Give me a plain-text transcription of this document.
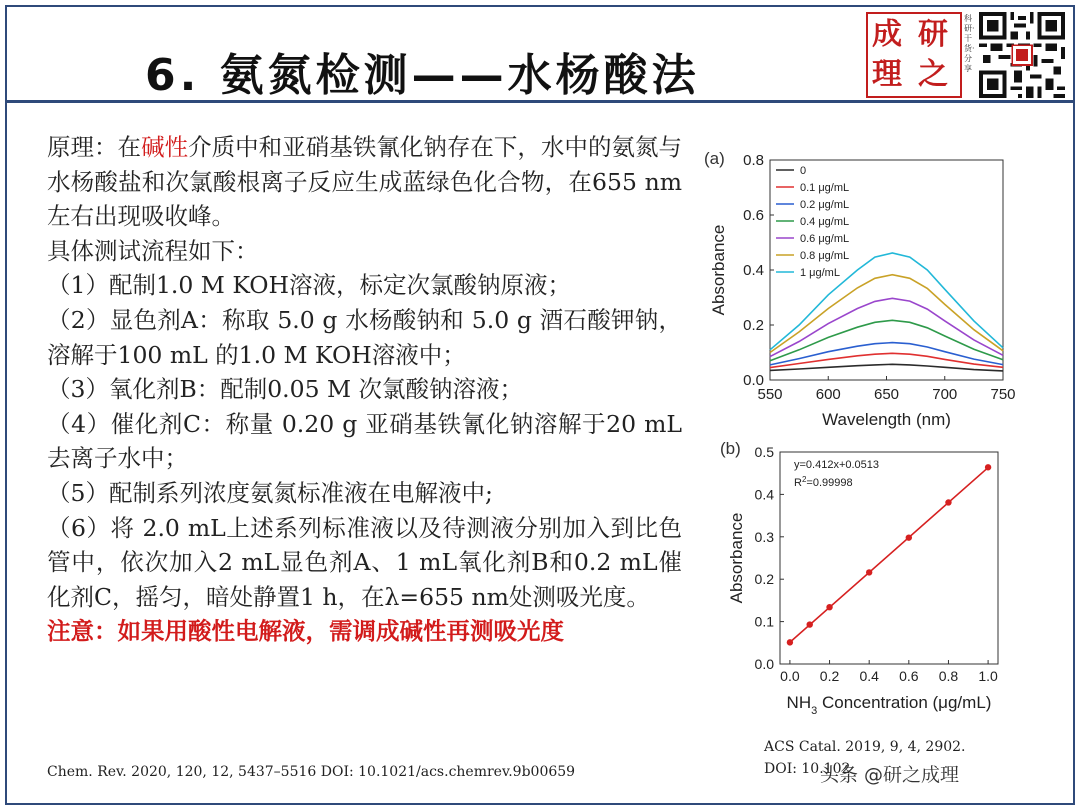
6. 氨氮检测——水杨酸法
成 研
理 之
科研·干货·分享

原理：在碱性介质中和亚硝基铁氰化钠存在下，水中的氨氮与水杨酸盐和次氯酸根离子反应生成蓝绿色化合物，在655 nm左右出现吸收峰。

具体测试流程如下：

（1）配制1.0 M KOH溶液，标定次氯酸钠原液；

（2）显色剂A：称取 5.0 g 水杨酸钠和 5.0 g 酒石酸钾钠，溶解于100 mL 的1.0 M KOH溶液中；

（3）氧化剂B：配制0.05 M 次氯酸钠溶液；

（4）催化剂C：称量 0.20 g 亚硝基铁氰化钠溶解于20 mL去离子水中；

（5）配制系列浓度氨氮标准液在电解液中;

（6）将 2.0 mL上述系列标准液以及待测液分别加入到比色管中，依次加入2 mL显色剂A、1 mL氧化剂B和0.2 mL催化剂C，摇匀，暗处静置1 h，在λ=655 nm处测吸光度。

注意：如果用酸性电解液，需调成碱性再测吸光度

Chem. Rev. 2020, 120, 12, 5437–5516 DOI: 10.1021/acs.chemrev.9b00659
ACS Catal. 2019, 9, 4, 2902.
DOI: 10.102
头条 @研之成理
(a)
0
0.1 μg/mL
0.2 μg/mL
0.4 μg/mL
0.6 μg/mL
0.8 μg/mL
1 μg/mL
550 600 650 700 750
0.0
0.2
0.4
0.6
0.8
Wavelength (nm)
Absorbance
(b)
y=0.412x+0.0513
$R^2=0.99998$
0.0 0.2 0.4 0.6 0.8 1.0
0.0
0.1
0.2
0.3
0.4
0.5
$NH_3$ Concentration (μg/mL)
Absorbance
